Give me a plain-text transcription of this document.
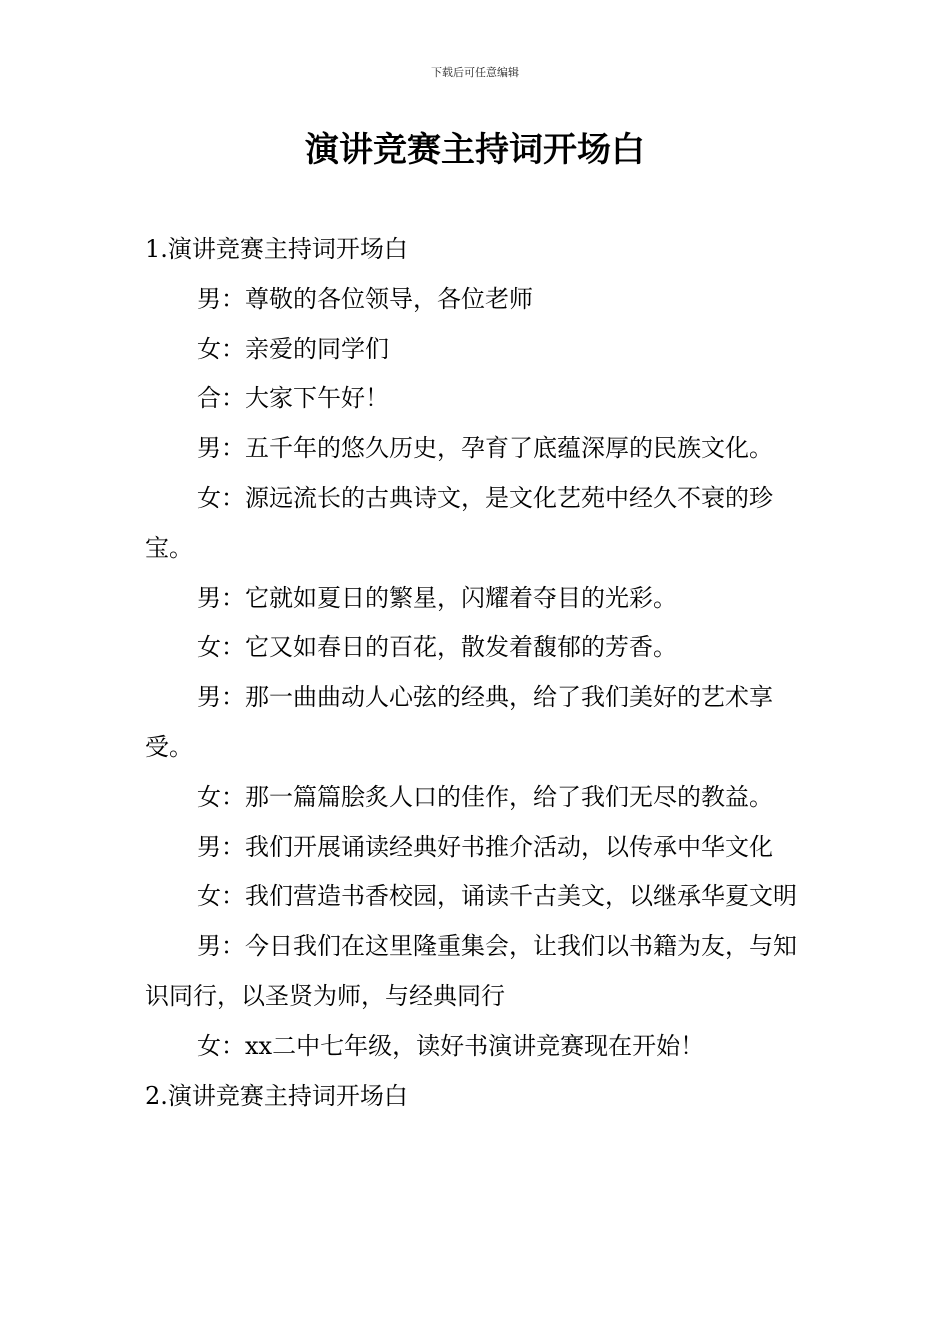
下载后可任意编辑
演讲竞赛主持词开场白

1.演讲竞赛主持词开场白

男：尊敬的各位领导，各位老师

女：亲爱的同学们

合：大家下午好！

男：五千年的悠久历史，孕育了底蕴深厚的民族文化。

女：源远流长的古典诗文，是文化艺苑中经久不衰的珍宝。

男：它就如夏日的繁星，闪耀着夺目的光彩。

女：它又如春日的百花，散发着馥郁的芳香。

男：那一曲曲动人心弦的经典，给了我们美好的艺术享受。

女：那一篇篇脍炙人口的佳作，给了我们无尽的教益。

男：我们开展诵读经典好书推介活动，以传承中华文化

女：我们营造书香校园，诵读千古美文，以继承华夏文明

男：今日我们在这里隆重集会，让我们以书籍为友，与知识同行，以圣贤为师，与经典同行

女：xx二中七年级，读好书演讲竞赛现在开始！

2.演讲竞赛主持词开场白
